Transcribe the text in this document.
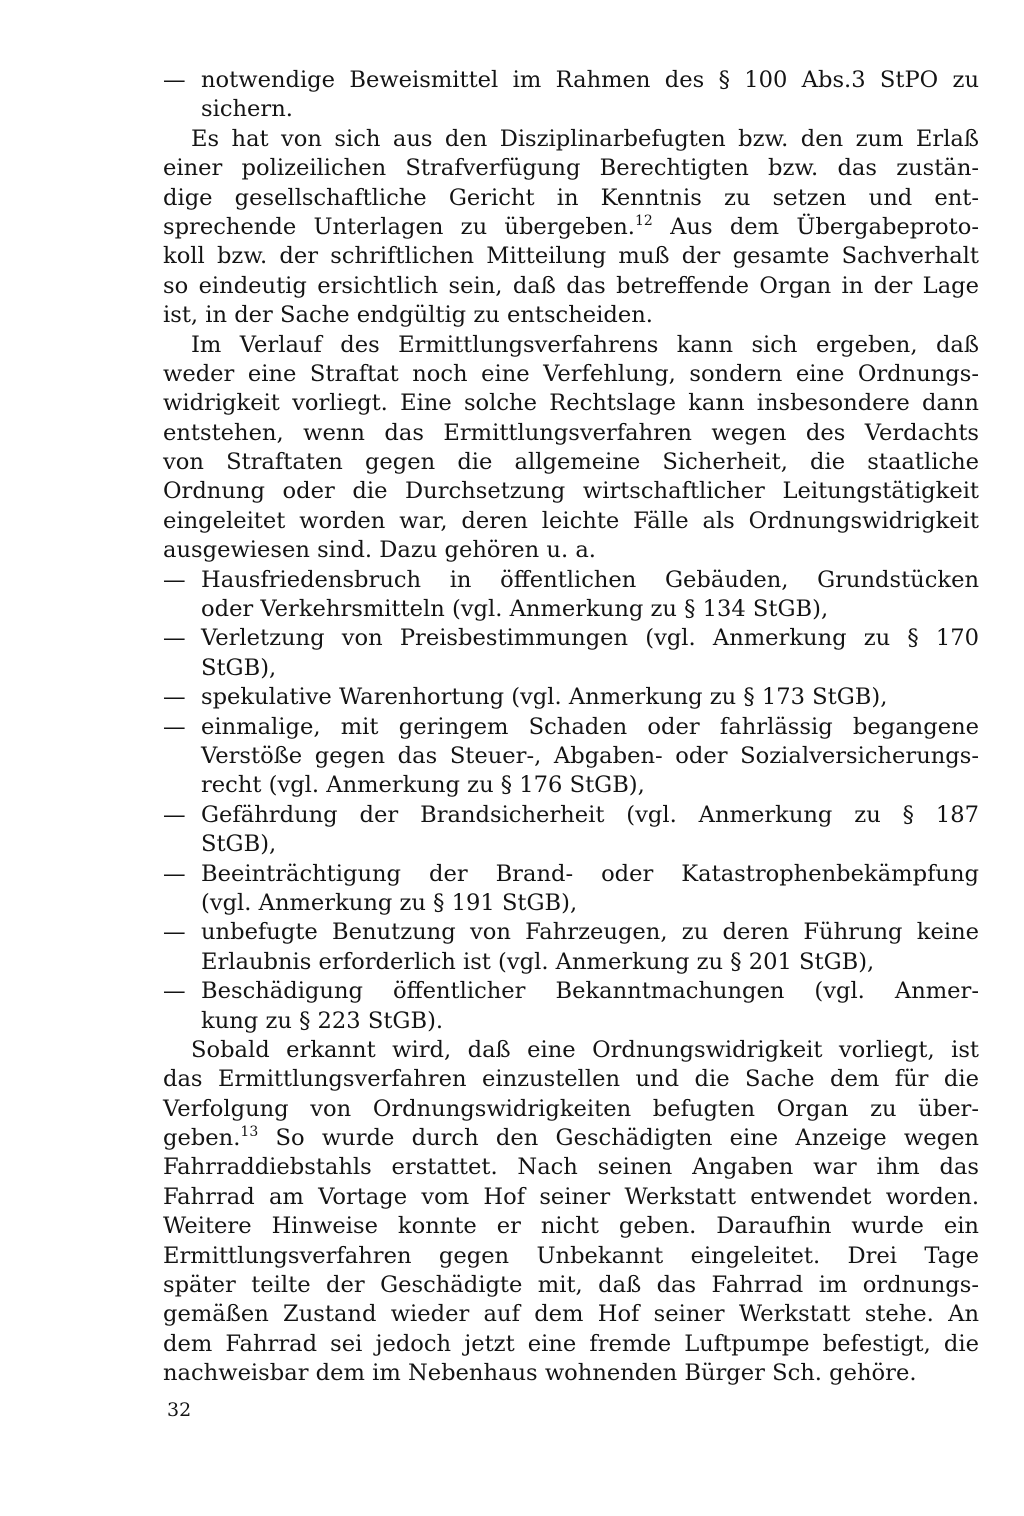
— notwendige Beweismittel im Rahmen des § 100 Abs.3 StPO zu
sichern.
Es hat von sich aus den Disziplinarbefugten bzw. den zum Erlaß
einer polizeilichen Strafverfügung Berechtigten bzw. das zustän-
dige gesellschaftliche Gericht in Kenntnis zu setzen und ent-
sprechende Unterlagen zu übergeben.$^{12}$ Aus dem Übergabeproto-
koll bzw. der schriftlichen Mitteilung muß der gesamte Sachverhalt
so eindeutig ersichtlich sein, daß das betreffende Organ in der Lage
ist, in der Sache endgültig zu entscheiden.
Im Verlauf des Ermittlungsverfahrens kann sich ergeben, daß
weder eine Straftat noch eine Verfehlung, sondern eine Ordnungs-
widrigkeit vorliegt. Eine solche Rechtslage kann insbesondere dann
entstehen, wenn das Ermittlungsverfahren wegen des Verdachts
von Straftaten gegen die allgemeine Sicherheit, die staatliche
Ordnung oder die Durchsetzung wirtschaftlicher Leitungstätigkeit
eingeleitet worden war, deren leichte Fälle als Ordnungswidrigkeit
ausgewiesen sind. Dazu gehören u. a.
— Hausfriedensbruch in öffentlichen Gebäuden, Grundstücken
oder Verkehrsmitteln (vgl. Anmerkung zu § 134 StGB),
— Verletzung von Preisbestimmungen (vgl. Anmerkung zu § 170
StGB),
— spekulative Warenhortung (vgl. Anmerkung zu § 173 StGB),
— einmalige, mit geringem Schaden oder fahrlässig begangene
Verstöße gegen das Steuer-, Abgaben- oder Sozialversicherungs-
recht (vgl. Anmerkung zu § 176 StGB),
— Gefährdung der Brandsicherheit (vgl. Anmerkung zu § 187
StGB),
— Beeinträchtigung der Brand- oder Katastrophenbekämpfung
(vgl. Anmerkung zu § 191 StGB),
— unbefugte Benutzung von Fahrzeugen, zu deren Führung keine
Erlaubnis erforderlich ist (vgl. Anmerkung zu § 201 StGB),
— Beschädigung öffentlicher Bekanntmachungen (vgl. Anmer-
kung zu § 223 StGB).
Sobald erkannt wird, daß eine Ordnungswidrigkeit vorliegt, ist
das Ermittlungsverfahren einzustellen und die Sache dem für die
Verfolgung von Ordnungswidrigkeiten befugten Organ zu über-
geben.$^{13}$ So wurde durch den Geschädigten eine Anzeige wegen
Fahrraddiebstahls erstattet. Nach seinen Angaben war ihm das
Fahrrad am Vortage vom Hof seiner Werkstatt entwendet worden.
Weitere Hinweise konnte er nicht geben. Daraufhin wurde ein
Ermittlungsverfahren gegen Unbekannt eingeleitet. Drei Tage
später teilte der Geschädigte mit, daß das Fahrrad im ordnungs-
gemäßen Zustand wieder auf dem Hof seiner Werkstatt stehe. An
dem Fahrrad sei jedoch jetzt eine fremde Luftpumpe befestigt, die
nachweisbar dem im Nebenhaus wohnenden Bürger Sch. gehöre.
32
